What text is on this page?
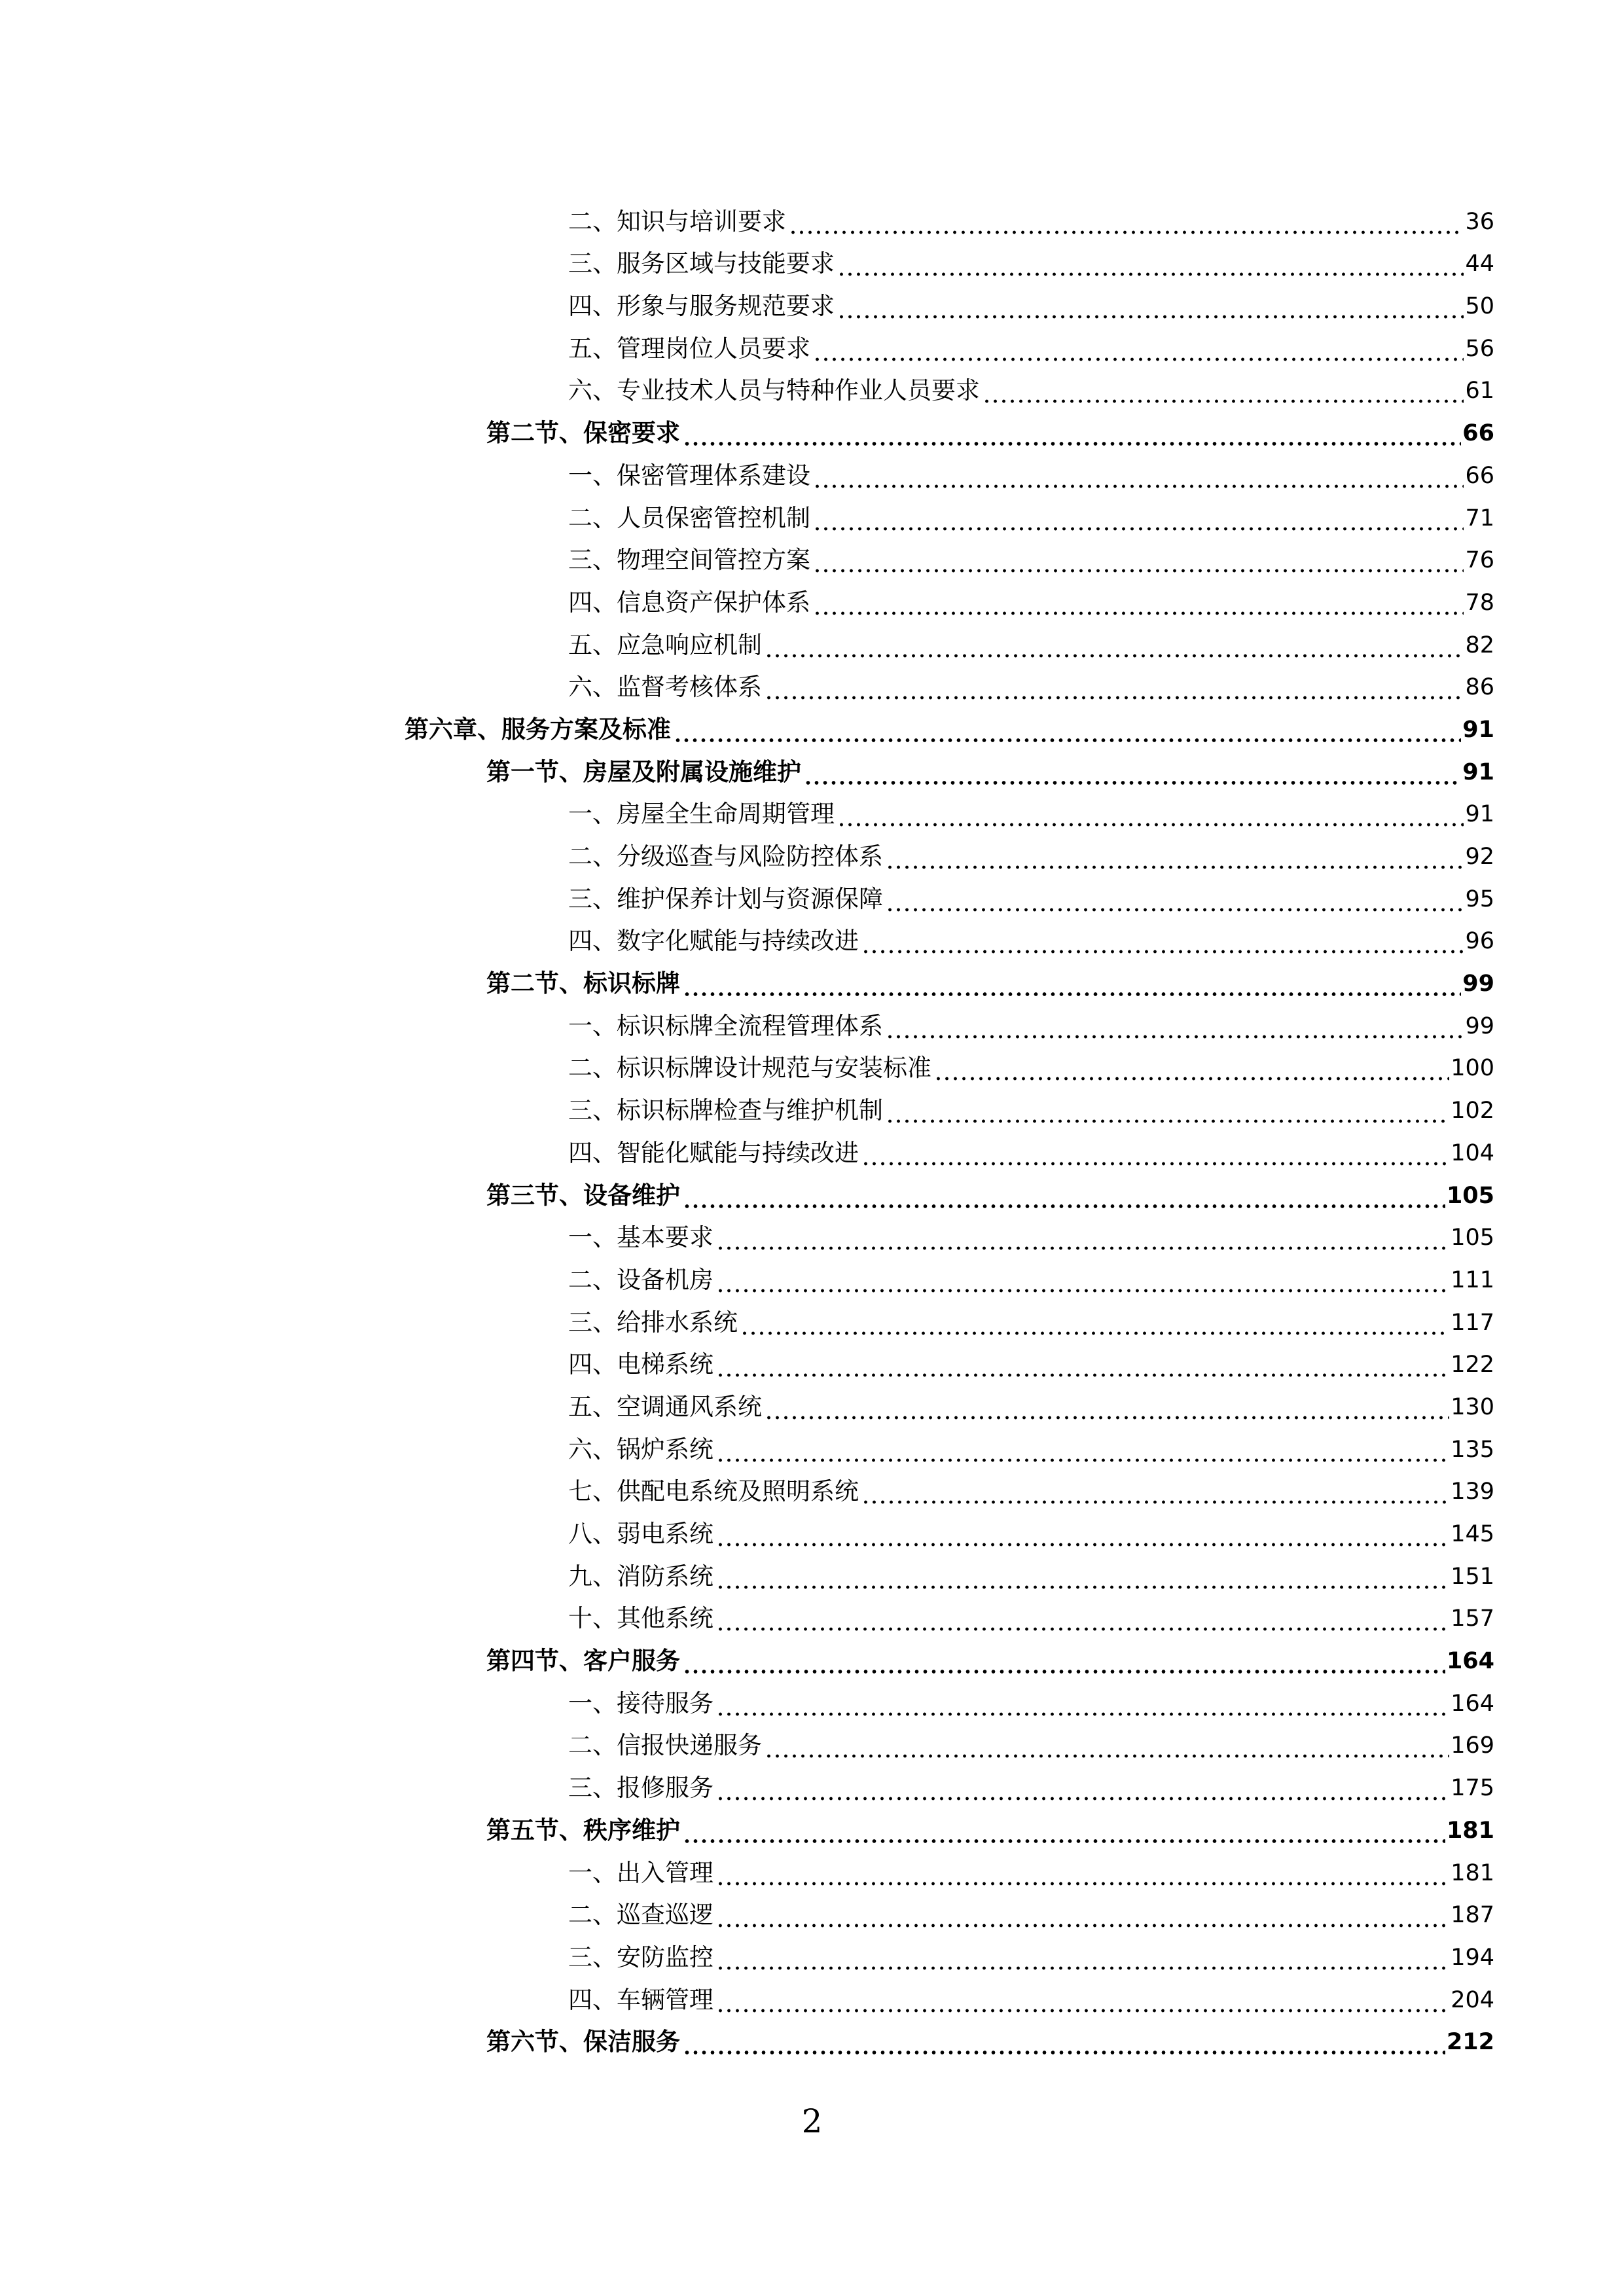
二、知识与培训要求	36
三、服务区域与技能要求	44
四、形象与服务规范要求	50
五、管理岗位人员要求	56
六、专业技术人员与特种作业人员要求	61
第二节、保密要求	66
一、保密管理体系建设	66
二、人员保密管控机制	71
三、物理空间管控方案	76
四、信息资产保护体系	78
五、应急响应机制	82
六、监督考核体系	86
第六章、服务方案及标准	91
第一节、房屋及附属设施维护	91
一、房屋全生命周期管理	91
二、分级巡查与风险防控体系	92
三、维护保养计划与资源保障	95
四、数字化赋能与持续改进	96
第二节、标识标牌	99
一、标识标牌全流程管理体系	99
二、标识标牌设计规范与安装标准	100
三、标识标牌检查与维护机制	102
四、智能化赋能与持续改进	104
第三节、设备维护	105
一、基本要求	105
二、设备机房	111
三、给排水系统	117
四、电梯系统	122
五、空调通风系统	130
六、锅炉系统	135
七、供配电系统及照明系统	139
八、弱电系统	145
九、消防系统	151
十、其他系统	157
第四节、客户服务	164
一、接待服务	164
二、信报快递服务	169
三、报修服务	175
第五节、秩序维护	181
一、出入管理	181
二、巡查巡逻	187
三、安防监控	194
四、车辆管理	204
第六节、保洁服务	212
2
